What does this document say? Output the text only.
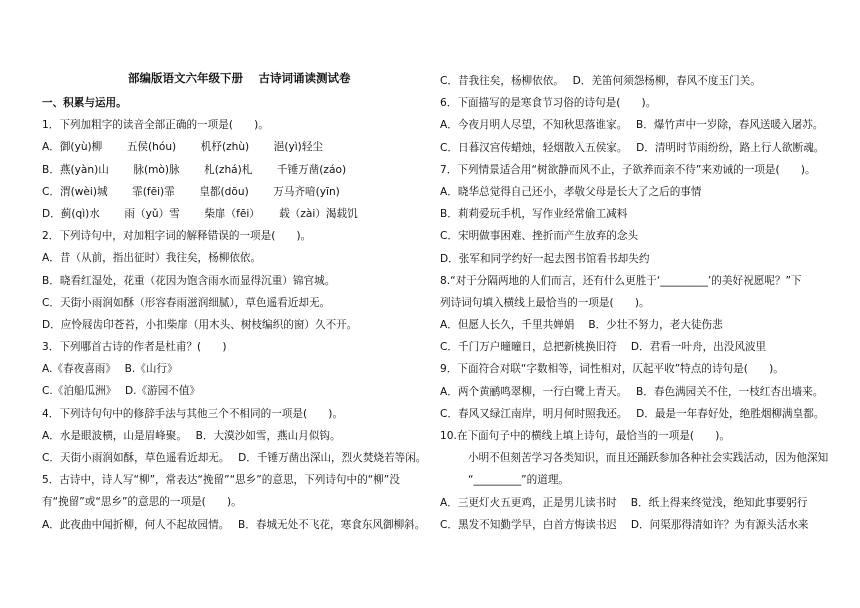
部编版语文六年级下册　 古诗词诵读测试卷
一、积累与运用。
1．下列加粗字的读音全部正确的一项是(　　)。
A．御(yù)柳　　 五侯(hóu)　　 机杼(zhù)　　 浥(yì)轻尘
B．燕(yàn)山　　 脉(mò)脉　　 札(zhá)札　　 千锤万凿(záo)
C．渭(wèi)城　　 霏(fēi)霏　　 皇都(dōu)　　 万马齐喑(yīn)
D．蓟(qì)水　　 雨（yǔ）雪　　 柴扉（fēi）　　 载（zài）渴载饥
2．下列诗句中，对加粗字词的解释错误的一项是(　　)。
A．昔（从前，指出征时）我往矣，杨柳依依。
B．晓看红湿处，花重（花因为饱含雨水而显得沉重）锦官城。
C．天街小雨润如酥（形容春雨滋润细腻），草色遥看近却无。
D．应怜屐齿印苍苔，小扣柴扉（用木头、树枝编织的窗）久不开。
3．下列哪首古诗的作者是杜甫？(　　)
A.《春夜喜雨》　 B.《山行》
C.《泊船瓜洲》　 D.《游园不值》
4．下列诗句句中的修辞手法与其他三个不相同的一项是(　　)。
A．水是眼波横，山是眉峰聚。　 B．大漠沙如雪，燕山月似钩。
C．天街小雨润如酥，草色遥看近却无。　 D．千锤万凿出深山，烈火焚烧若等闲。
5．古诗中，诗人写“柳”，常表达“挽留”“思乡”的意思，下列诗句中的“柳”没
有“挽留”或“思乡”的意思的一项是(　　)。
A．此夜曲中闻折柳，何人不起故园情。　 B．春城无处不飞花，寒食东风御柳斜。
C．昔我往矣，杨柳依依。　 D．羌笛何须怨杨柳，春风不度玉门关。
6．下面描写的是寒食节习俗的诗句是(　　)。
A．今夜月明人尽望，不知秋思落谁家。　 B．爆竹声中一岁除，春风送暖入屠苏。
C．日暮汉宫传蜡烛，轻烟散入五侯家。　 D．清明时节雨纷纷，路上行人欲断魂。
7．下列情景适合用“树欲静而风不止，子欲养而亲不待”来劝诫的一项是(　　)。
A．晓华总觉得自己还小，孝敬父母是长大了之后的事情
B．莉莉爱玩手机，写作业经常偷工减料
C．宋明做事困难、挫折而产生放弃的念头
D．张军和同学约好一起去图书馆看书却失约
8.“对于分隔两地的人们而言，还有什么更胜于‘_________’的美好祝愿呢？”下
列诗词句填入横线上最恰当的一项是(　　)。
A．但愿人长久，千里共婵娟　 B．少壮不努力，老大徒伤悲
C．千门万户曈曈日，总把新桃换旧符　 D．君看一叶舟，出没风波里
9．下面符合对联“字数相等，词性相对，仄起平收”特点的诗句是(　　)。
A．两个黄鹂鸣翠柳，一行白鹭上青天。　 B．春色满园关不住，一枝红杏出墙来。
C．春风又绿江南岸，明月何时照我还。　 D．最是一年春好处，绝胜烟柳满皇都。
10.在下面句子中的横线上填上诗句，最恰当的一项是(　　)。
小明不但刻苦学习各类知识，而且还踊跃参加各种社会实践活动，因为他深知
“_________”的道理。
A．三更灯火五更鸡，正是男儿读书时　 B．纸上得来终觉浅，绝知此事要躬行
C．黑发不知勤学早，白首方悔读书迟　 D．问渠那得清如许？为有源头活水来
